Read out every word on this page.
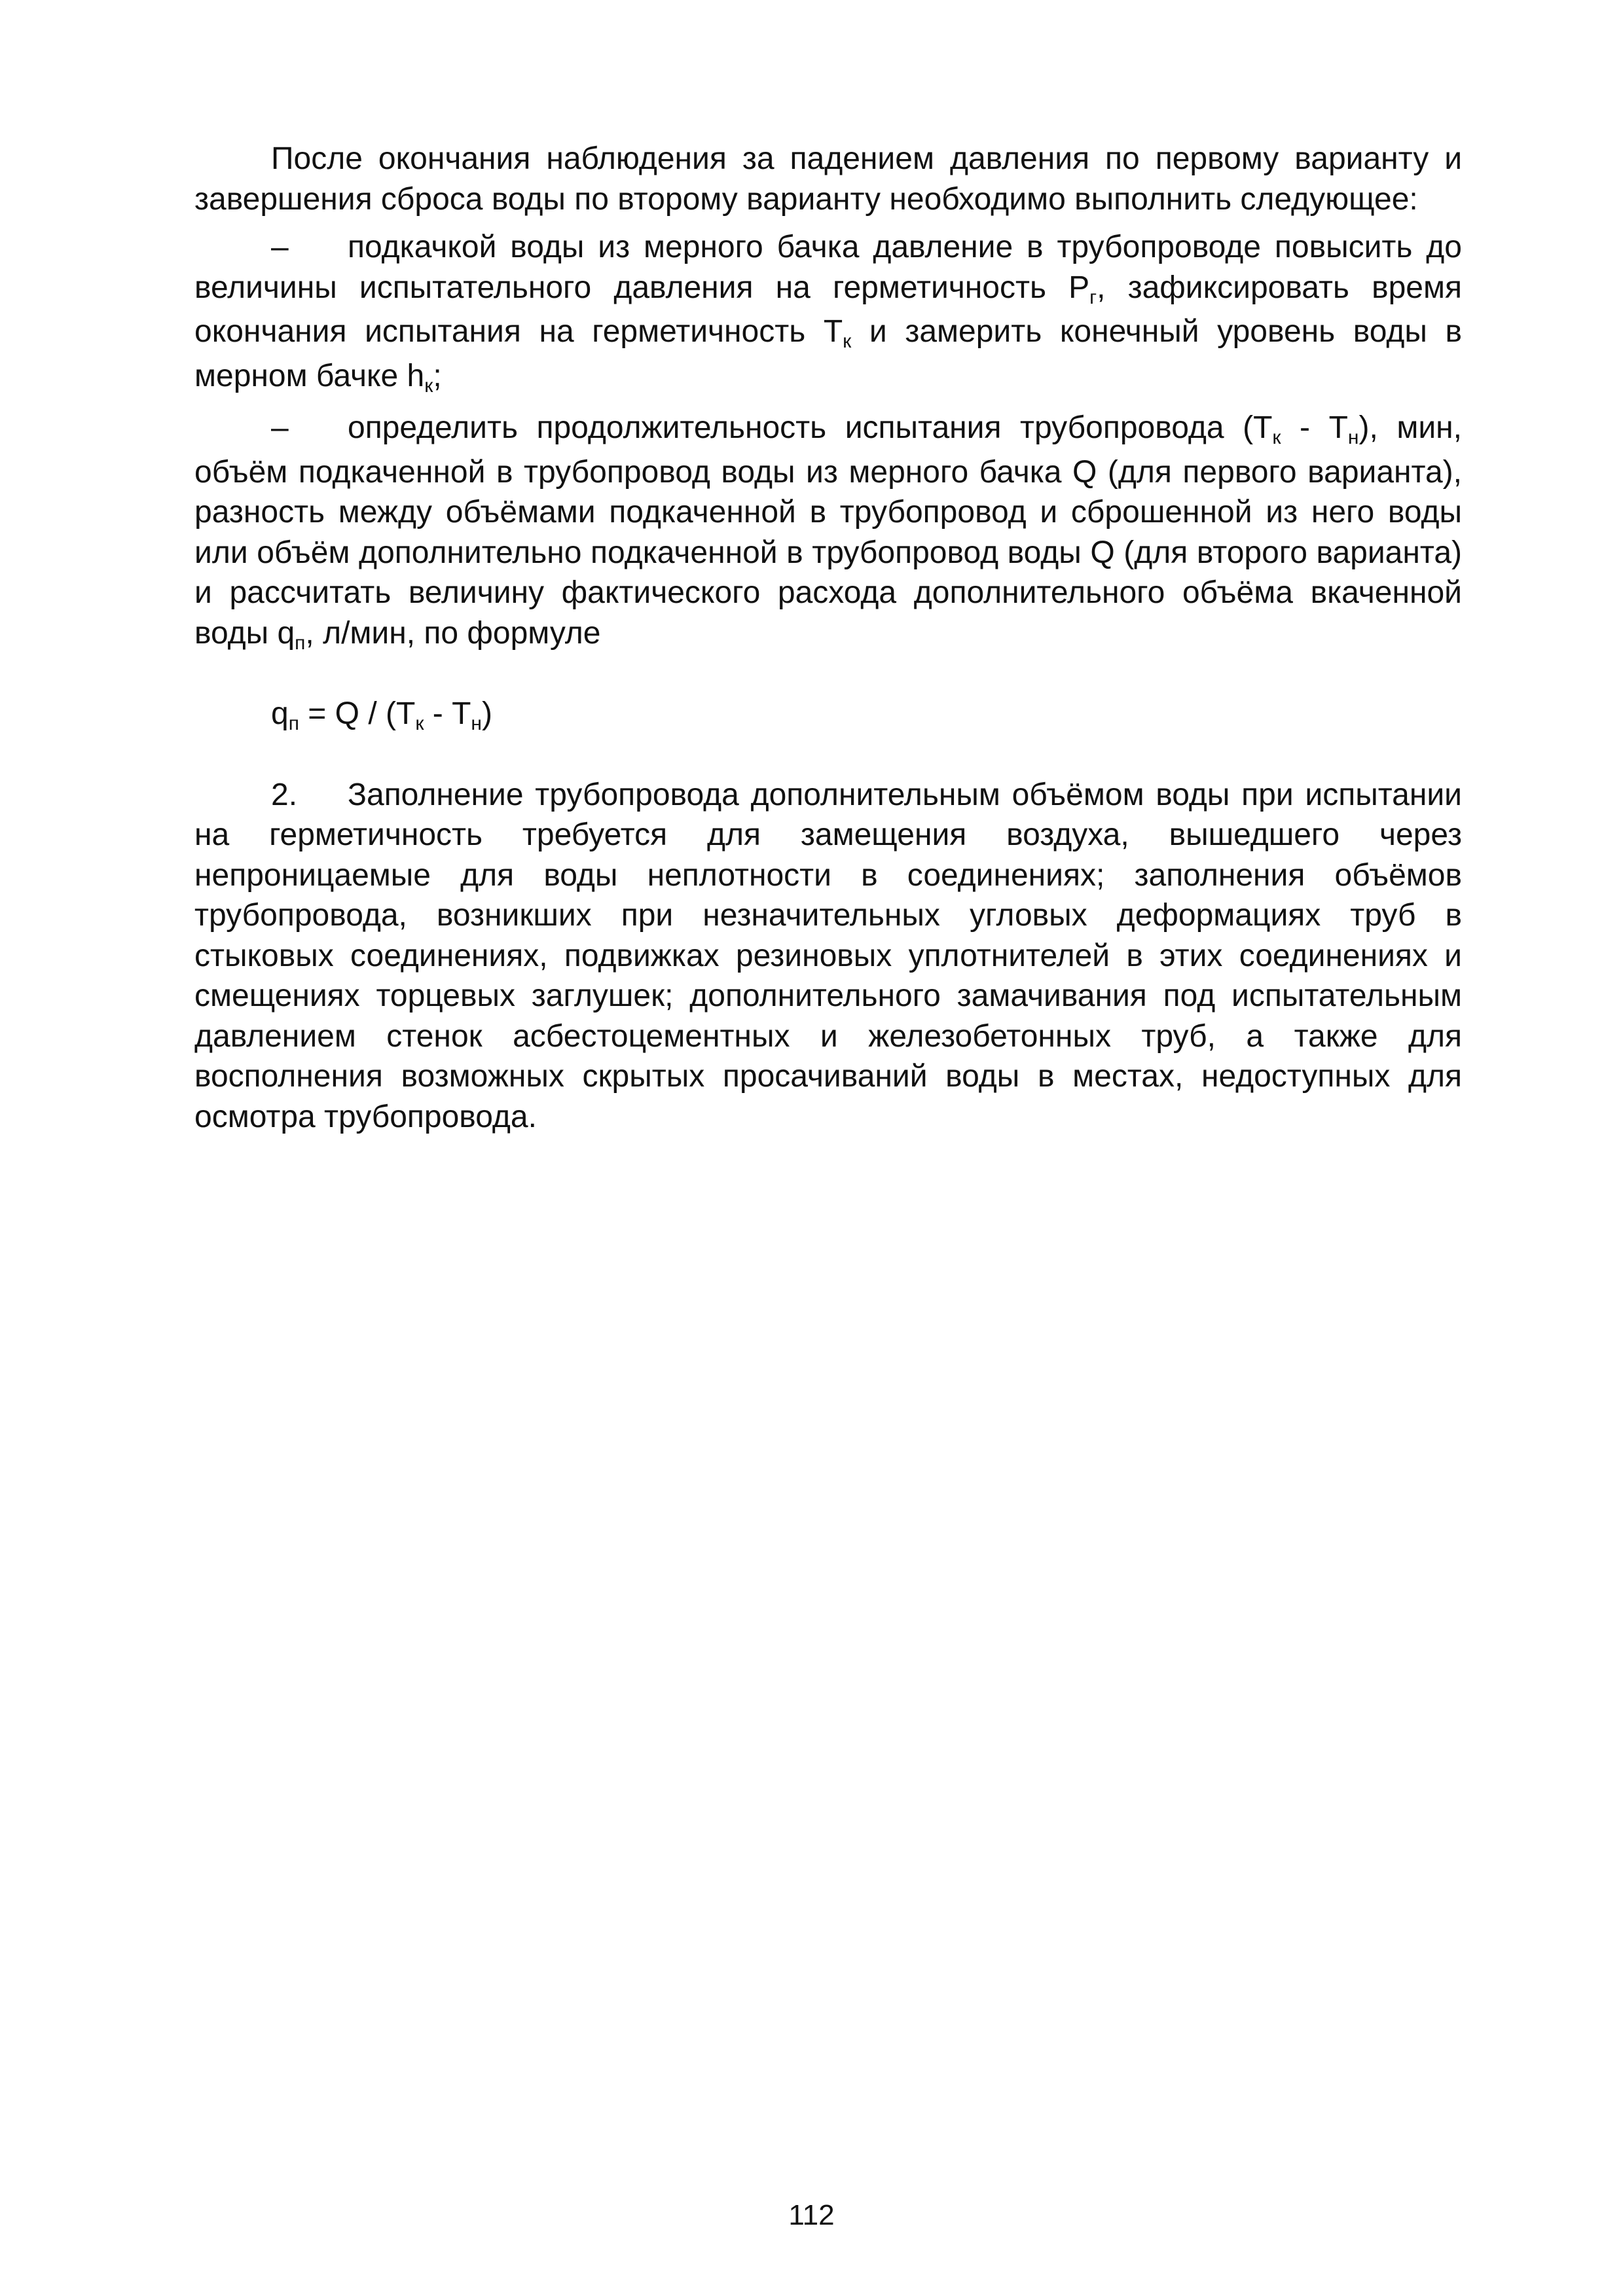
После окончания наблюдения за падением давления по первому варианту и завершения сброса воды по второму варианту необходимо выполнить следующее:

– подкачкой воды из мерного бачка давление в трубопроводе повысить до величины испытательного давления на герметичность $Р_г$, зафиксировать время окончания испытания на герметичность $Т_к$ и замерить конечный уровень воды в мерном бачке $h_к$;

– определить продолжительность испытания трубопровода $(Т_к - Т_н)$, мин, объём подкаченной в трубопровод воды из мерного бачка Q (для первого варианта), разность между объёмами подкаченной в трубопровод и сброшенной из него воды или объём дополнительно подкаченной в трубопровод воды Q (для второго варианта) и рассчитать величину фактического расхода дополнительного объёма вкаченной воды $q_п$, л/мин, по формуле

$q_п = Q / (Т_к - Т_н)$

2. Заполнение трубопровода дополнительным объёмом воды при испытании на герметичность требуется для замещения воздуха, вышедшего через непроницаемые для воды неплотности в соединениях; заполнения объёмов трубопровода, возникших при незначительных угловых деформациях труб в стыковых соединениях, подвижках резиновых уплотнителей в этих соединениях и смещениях торцевых заглушек; дополнительного замачивания под испытательным давлением стенок асбестоцементных и железобетонных труб, а также для восполнения возможных скрытых просачиваний воды в местах, недоступных для осмотра трубопровода.

112
